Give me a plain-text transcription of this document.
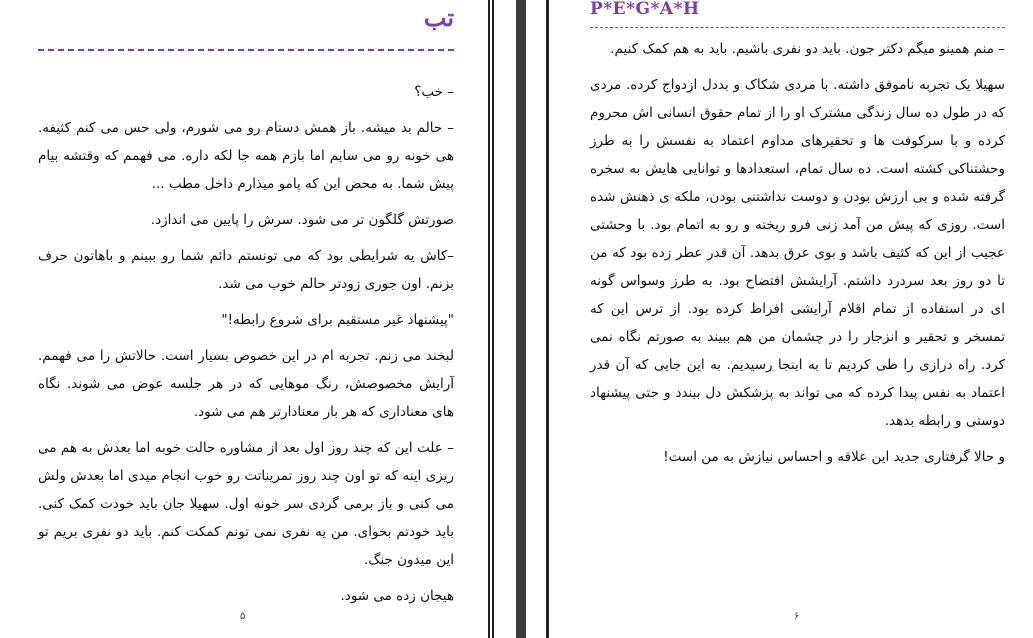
تب

– خب؟

– حالم بد میشه. باز همش دستام رو می شورم، ولی حس می کنم کثیفه. هی خونه رو می سابم اما بازم همه جا لکه داره. می فهمم که وقتشه بیام پیش شما. به محض این که پامو میذارم داخل مطب ...

صورتش گلگون تر می شود. سرش را پایین می اندازد.

–کاش یه شرایطی بود که می تونستم دائم شما رو ببینم و باهاتون حرف بزنم. اون جوری زودتر حالم خوب می شد.

"پیشنهاد غیر مستقیم برای شروع رابطه!"

لبخند می زنم. تجربه ام در این خصوص بسیار است. حالاتش را می فهمم. آرایش مخصوصش، رنگ موهایی که در هر جلسه عوض می شوند. نگاه های معناداری که هر بار معنادارتر هم می شود.

– علت این که چند روز اول بعد از مشاوره حالت خوبه اما بعدش به هم می ریزی اینه که تو اون چند روز تمریناتت رو خوب انجام میدی اما بعدش ولش می کنی و باز برمی گردی سر خونه اول. سهیلا جان باید خودت کمک کنی. باید خودتم بخوای. من یه نفری نمی تونم کمکت کنم. باید دو نفری بریم تو این میدون جنگ.

هیجان زده می شود.

۵
P*E*G*A*H

– منم همینو میگم دکتر جون. باید دو نفری باشیم. باید به هم کمک کنیم.

سهیلا یک تجربه ناموفق داشته. با مردی شکاک و بددل ازدواج کرده. مردی که در طول ده سال زندگی مشترک او را از تمام حقوق انسانی اش محروم کرده و با سرکوفت ها و تحقیرهای مداوم اعتماد به نفسش را به طرز وحشتناکی کشته است. ده سال تمام، استعدادها و توانایی هایش به سخره گرفته شده و بی ارزش بودن و دوست نداشتنی بودن، ملکه ی ذهنش شده است. روزی که پیش من آمد زنی فرو ریخته و رو به اتمام بود. با وحشتی عجیب از این که کثیف باشد و بوی عرق بدهد. آن قدر عطر زده بود که من تا دو روز بعد سردرد داشتم. آرایشش افتضاح بود. به طرز وسواس گونه ای در استفاده از تمام اقلام آرایشی افراط کرده بود. از ترس این که تمسخر و تحقیر و انزجار را در چشمان من هم ببیند به صورتم نگاه نمی کرد. راه درازی را طی کردیم تا به اینجا رسیدیم. به این جایی که آن قدر اعتماد به نفس پیدا کرده که می تواند به پزشکش دل ببندد و حتی پیشنهاد دوستی و رابطه بدهد.

و حالا گرفتاری جدید این علاقه و احساس نیازش به من است!

۶
